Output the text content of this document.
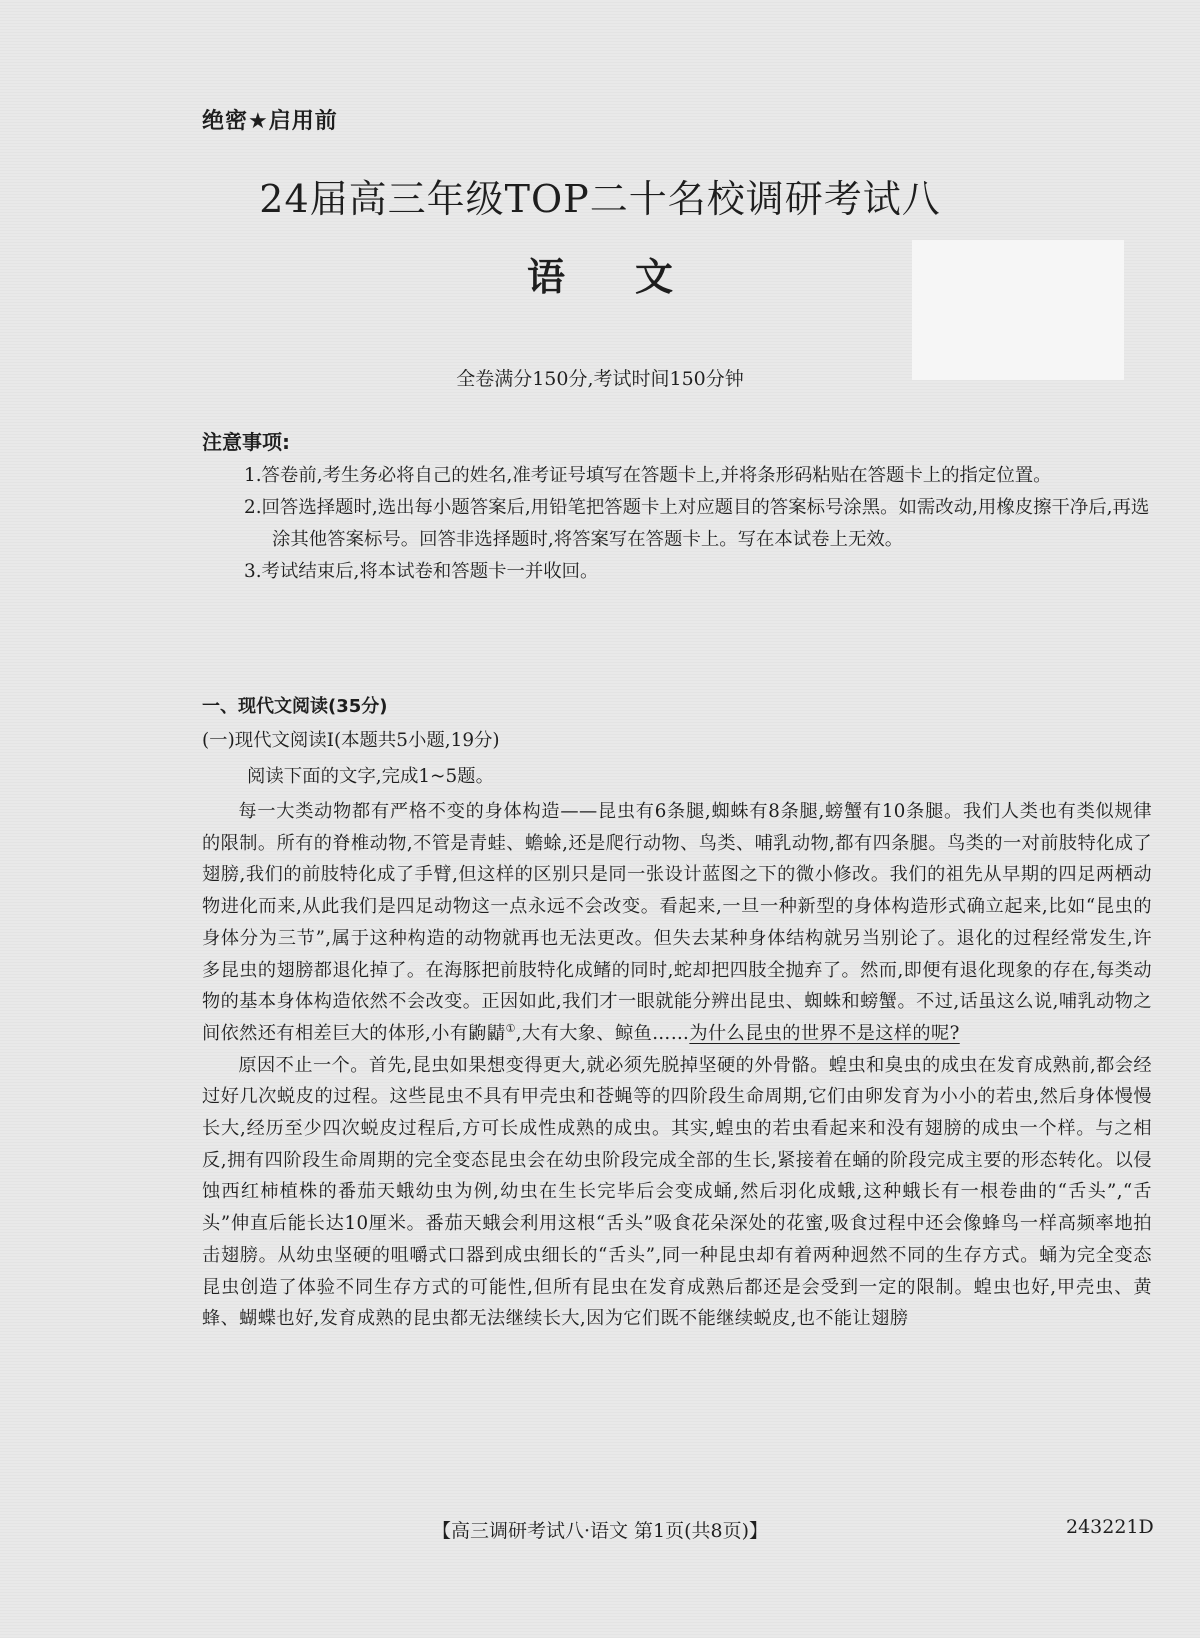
绝密★启用前
24届高三年级TOP二十名校调研考试八
语文
全卷满分150分,考试时间150分钟
注意事项:
1.答卷前,考生务必将自己的姓名,准考证号填写在答题卡上,并将条形码粘贴在答题卡上的指定位置。
2.回答选择题时,选出每小题答案后,用铅笔把答题卡上对应题目的答案标号涂黑。如需改动,用橡皮擦干净后,再选涂其他答案标号。回答非选择题时,将答案写在答题卡上。写在本试卷上无效。
3.考试结束后,将本试卷和答题卡一并收回。
一、现代文阅读(35分)
(一)现代文阅读Ⅰ(本题共5小题,19分)
阅读下面的文字,完成1~5题。

每一大类动物都有严格不变的身体构造——昆虫有6条腿,蜘蛛有8条腿,螃蟹有10条腿。我们人类也有类似规律的限制。所有的脊椎动物,不管是青蛙、蟾蜍,还是爬行动物、鸟类、哺乳动物,都有四条腿。鸟类的一对前肢特化成了翅膀,我们的前肢特化成了手臂,但这样的区别只是同一张设计蓝图之下的微小修改。我们的祖先从早期的四足两栖动物进化而来,从此我们是四足动物这一点永远不会改变。看起来,一旦一种新型的身体构造形式确立起来,比如“昆虫的身体分为三节”,属于这种构造的动物就再也无法更改。但失去某种身体结构就另当别论了。退化的过程经常发生,许多昆虫的翅膀都退化掉了。在海豚把前肢特化成鳍的同时,蛇却把四肢全抛弃了。然而,即便有退化现象的存在,每类动物的基本身体构造依然不会改变。正因如此,我们才一眼就能分辨出昆虫、蜘蛛和螃蟹。不过,话虽这么说,哺乳动物之间依然还有相差巨大的体形,小有鼩鼱①,大有大象、鲸鱼……为什么昆虫的世界不是这样的呢?

原因不止一个。首先,昆虫如果想变得更大,就必须先脱掉坚硬的外骨骼。蝗虫和臭虫的成虫在发育成熟前,都会经过好几次蜕皮的过程。这些昆虫不具有甲壳虫和苍蝇等的四阶段生命周期,它们由卵发育为小小的若虫,然后身体慢慢长大,经历至少四次蜕皮过程后,方可长成性成熟的成虫。其实,蝗虫的若虫看起来和没有翅膀的成虫一个样。与之相反,拥有四阶段生命周期的完全变态昆虫会在幼虫阶段完成全部的生长,紧接着在蛹的阶段完成主要的形态转化。以侵蚀西红柿植株的番茄天蛾幼虫为例,幼虫在生长完毕后会变成蛹,然后羽化成蛾,这种蛾长有一根卷曲的“舌头”,“舌头”伸直后能长达10厘米。番茄天蛾会利用这根“舌头”吸食花朵深处的花蜜,吸食过程中还会像蜂鸟一样高频率地拍击翅膀。从幼虫坚硬的咀嚼式口器到成虫细长的“舌头”,同一种昆虫却有着两种迥然不同的生存方式。蛹为完全变态昆虫创造了体验不同生存方式的可能性,但所有昆虫在发育成熟后都还是会受到一定的限制。蝗虫也好,甲壳虫、黄蜂、蝴蝶也好,发育成熟的昆虫都无法继续长大,因为它们既不能继续蜕皮,也不能让翅膀

【高三调研考试八·语文 第1页(共8页)】	243221D
